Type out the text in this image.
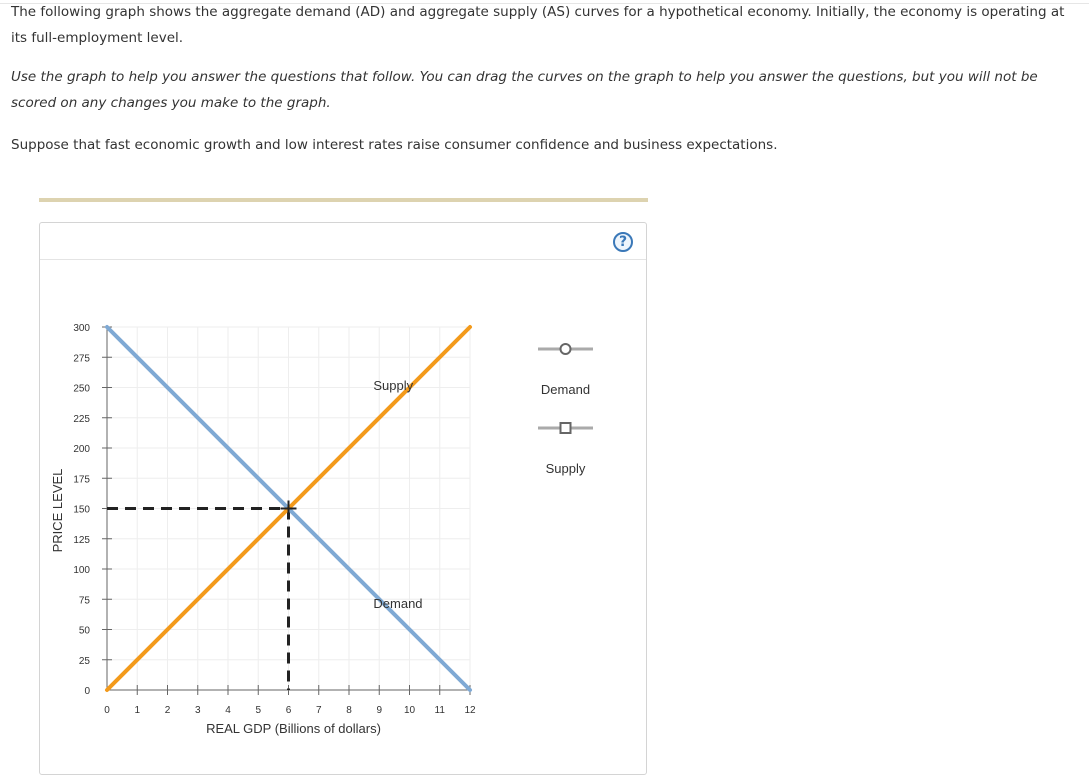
The following graph shows the aggregate demand (AD) and aggregate supply (AS) curves for a hypothetical economy. Initially, the economy is operating at its full-employment level.

Use the graph to help you answer the questions that follow. You can drag the curves on the graph to help you answer the questions, but you will not be scored on any changes you make to the graph.

Suppose that fast economic growth and low interest rates raise consumer confidence and business expectations.

?
0 1 2 3 4 5 6 7 8 9 10 11 12
0
25
50
75
100
125
150
175
200
225
250
275
300
REAL GDP (Billions of dollars)
PRICE LEVEL
Demand
Supply	Demand
Supply
